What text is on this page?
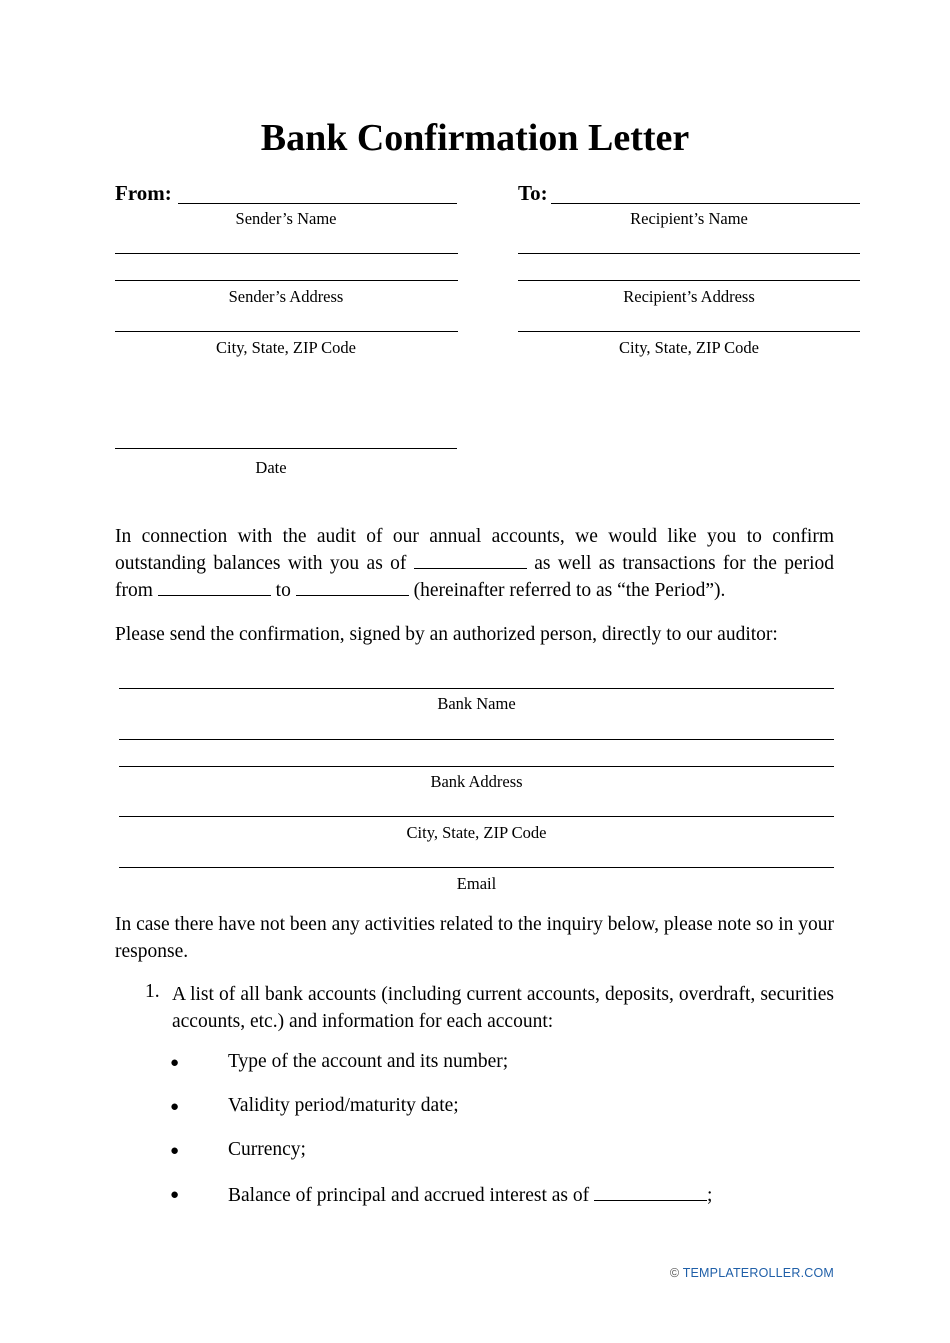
Bank Confirmation Letter
From:
Sender’s Name
Sender’s Address
City, State, ZIP Code
To:
Recipient’s Name
Recipient’s Address
City, State, ZIP Code
Date
In connection with the audit of our annual accounts, we would like you to confirm outstanding balances with you as of	as well as transactions for the period from	to	(hereinafter referred to as “the Period”).
Please send the confirmation, signed by an authorized person, directly to our auditor:
Bank Name
Bank Address
City, State, ZIP Code
Email
In case there have not been any activities related to the inquiry below, please note so in your response.
1. A list of all bank accounts (including current accounts, deposits, overdraft, securities accounts, etc.) and information for each account:
●	Type of the account and its number;
●	Validity period/maturity date;
●	Currency;
●	Balance of principal and accrued interest as of	;
© TEMPLATEROLLER.COM
